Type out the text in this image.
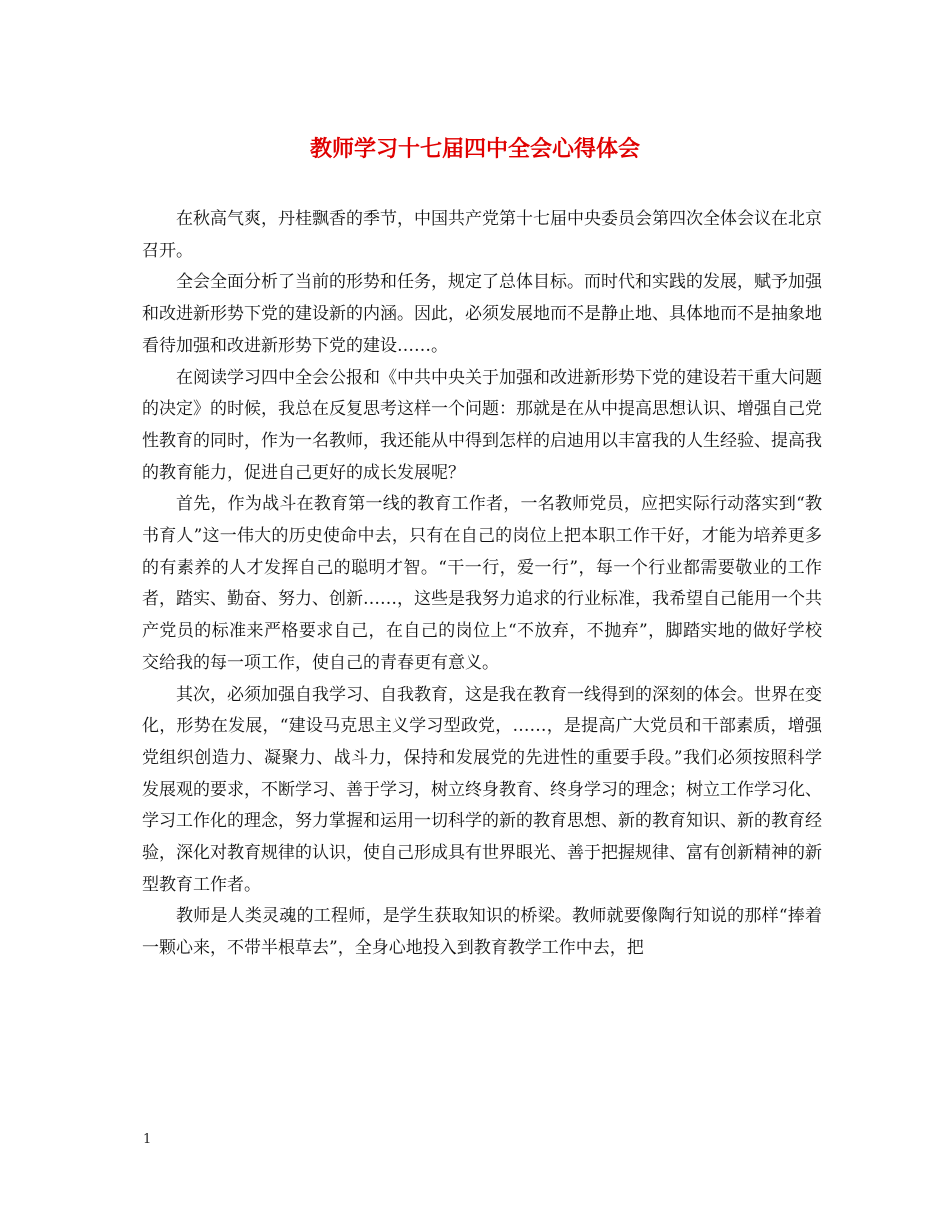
教师学习十七届四中全会心得体会

在秋高气爽，丹桂飘香的季节，中国共产党第十七届中央委员会第四次全体会议在北京召开。

全会全面分析了当前的形势和任务，规定了总体目标。而时代和实践的发展，赋予加强和改进新形势下党的建设新的内涵。因此，必须发展地而不是静止地、具体地而不是抽象地看待加强和改进新形势下党的建设……。

在阅读学习四中全会公报和《中共中央关于加强和改进新形势下党的建设若干重大问题的决定》的时候，我总在反复思考这样一个问题：那就是在从中提高思想认识、增强自己党性教育的同时，作为一名教师，我还能从中得到怎样的启迪用以丰富我的人生经验、提高我的教育能力，促进自己更好的成长发展呢？

首先，作为战斗在教育第一线的教育工作者，一名教师党员，应把实际行动落实到“教书育人”这一伟大的历史使命中去，只有在自己的岗位上把本职工作干好，才能为培养更多的有素养的人才发挥自己的聪明才智。“干一行，爱一行”，每一个行业都需要敬业的工作者，踏实、勤奋、努力、创新……，这些是我努力追求的行业标准，我希望自己能用一个共产党员的标准来严格要求自己，在自己的岗位上“不放弃，不抛弃”，脚踏实地的做好学校交给我的每一项工作，使自己的青春更有意义。

其次，必须加强自我学习、自我教育，这是我在教育一线得到的深刻的体会。世界在变化，形势在发展，“建设马克思主义学习型政党，……，是提高广大党员和干部素质，增强党组织创造力、凝聚力、战斗力，保持和发展党的先进性的重要手段。”我们必须按照科学发展观的要求，不断学习、善于学习，树立终身教育、终身学习的理念；树立工作学习化、学习工作化的理念，努力掌握和运用一切科学的新的教育思想、新的教育知识、新的教育经验，深化对教育规律的认识，使自己形成具有世界眼光、善于把握规律、富有创新精神的新型教育工作者。

教师是人类灵魂的工程师，是学生获取知识的桥梁。教师就要像陶行知说的那样“捧着一颗心来，不带半根草去”，全身心地投入到教育教学工作中去，把

1
